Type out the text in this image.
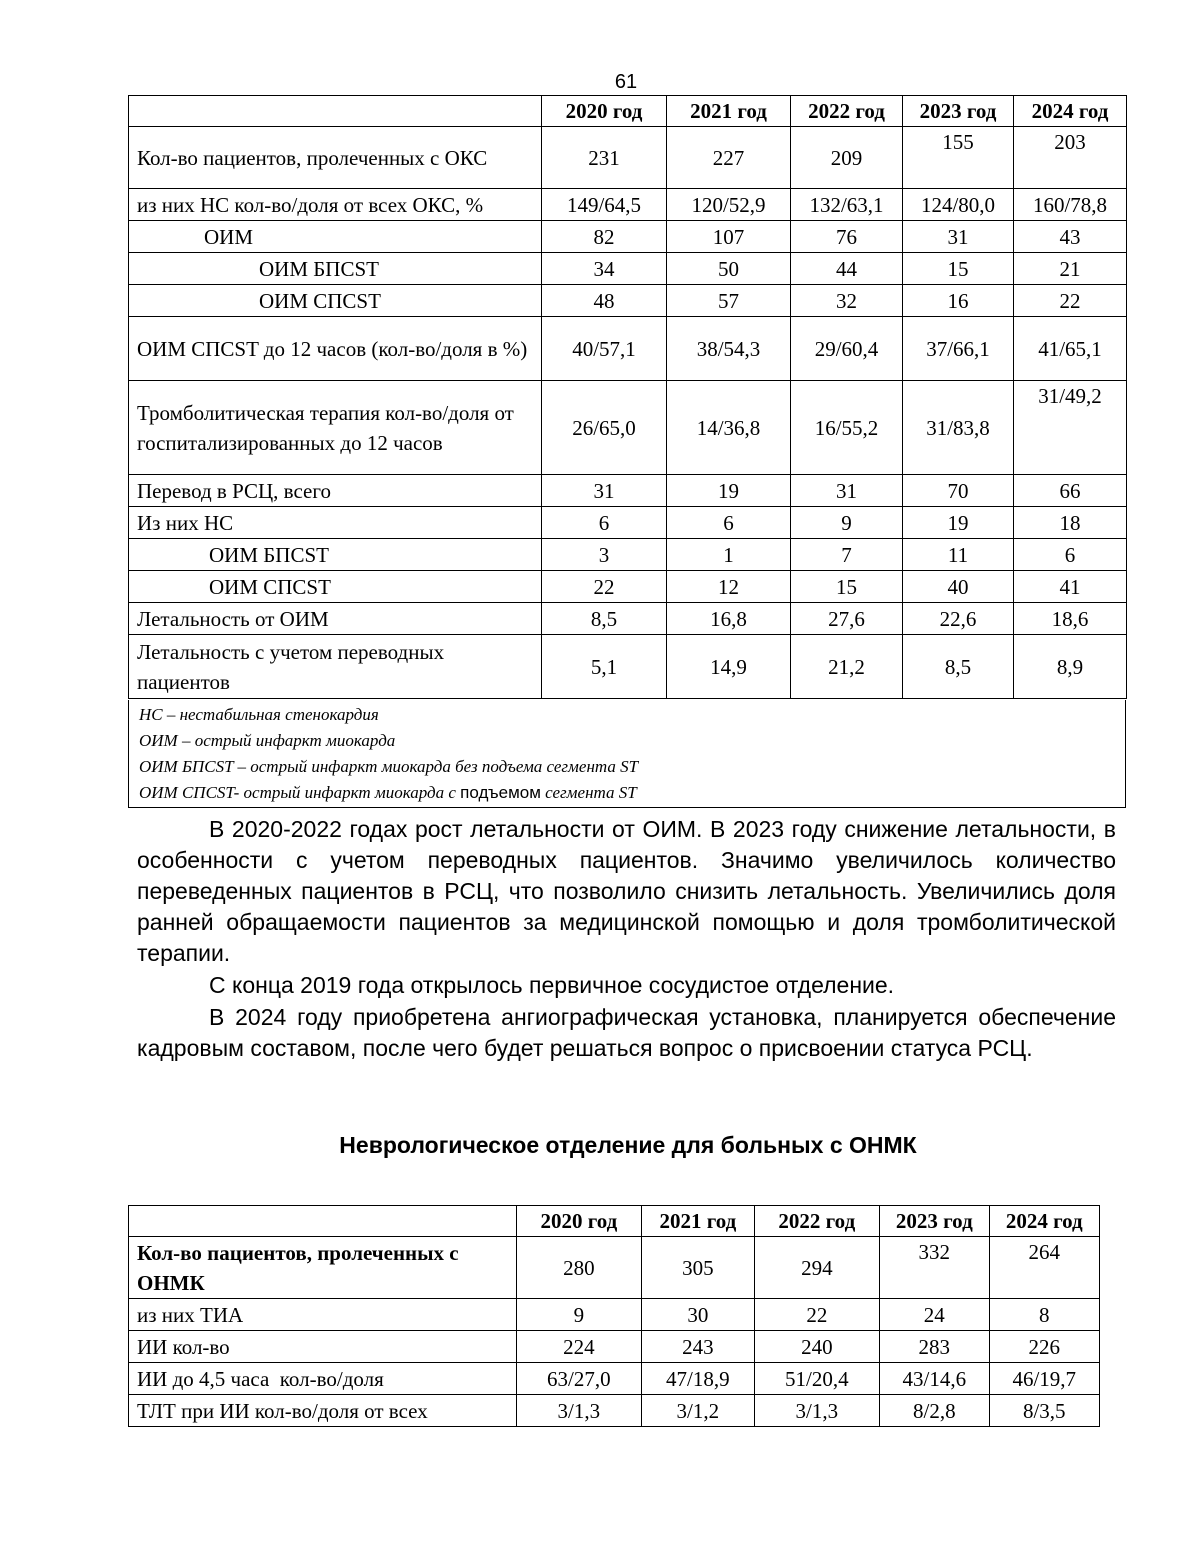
61
	2020 год	2021 год	2022 год	2023 год	2024 год
Кол-во пациентов, пролеченных с ОКС	231	227	209	155	203
из них НС кол-во/доля от всех ОКС, %	149/64,5	120/52,9	132/63,1	124/80,0	160/78,8
ОИМ	82	107	76	31	43
ОИМ БПСST	34	50	44	15	21
ОИМ СПСST	48	57	32	16	22
ОИМ СПСST до 12 часов (кол-во/доля в %)	40/57,1	38/54,3	29/60,4	37/66,1	41/65,1
Тромболитическая терапия кол-во/доля от госпитализированных до 12 часов	26/65,0	14/36,8	16/55,2	31/83,8	31/49,2
Перевод в РСЦ, всего	31	19	31	70	66
Из них НС	6	6	9	19	18
ОИМ БПСST	3	1	7	11	6
ОИМ СПСST	22	12	15	40	41
Летальность от ОИМ	8,5	16,8	27,6	22,6	18,6
Летальность с учетом переводных пациентов	5,1	14,9	21,2	8,5	8,9
НС – нестабильная стенокардия
ОИМ – острый инфаркт миокарда
ОИМ БПСST – острый инфаркт миокарда без подъема сегмента ST
ОИМ СПСST- острый инфаркт миокарда с подъемом сегмента ST
В 2020-2022 годах рост летальности от ОИМ. В 2023 году снижение летальности, в особенности с учетом переводных пациентов. Значимо увеличилось количество переведенных пациентов в РСЦ, что позволило снизить летальность. Увеличились доля ранней обращаемости пациентов за медицинской помощью и доля тромболитической терапии.
С конца 2019 года открылось первичное сосудистое отделение.
В 2024 году приобретена ангиографическая установка, планируется обеспечение кадровым составом, после чего будет решаться вопрос о присвоении статуса РСЦ.
Неврологическое отделение для больных с ОНМК
	2020 год	2021 год	2022 год	2023 год	2024 год
Кол-во пациентов, пролеченных с ОНМК	280	305	294	332	264
из них ТИА	9	30	22	24	8
ИИ кол-во	224	243	240	283	226
ИИ до 4,5 часа  кол-во/доля	63/27,0	47/18,9	51/20,4	43/14,6	46/19,7
ТЛТ при ИИ кол-во/доля от всех	3/1,3	3/1,2	3/1,3	8/2,8	8/3,5
